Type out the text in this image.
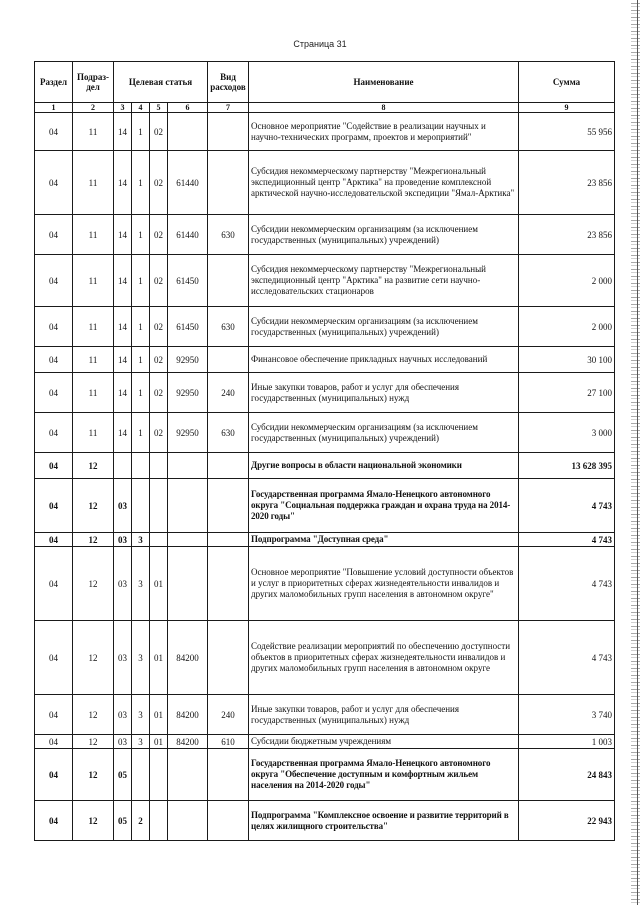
Страница 31
Раздел	Подраз-дел	Целевая статья				Вид расходов	Наименование	Сумма
1	2	3	4	5	6	7	8	9
04	11	14	1	02			Основное мероприятие "Содействие в реализации научных и научно-технических программ, проектов и мероприятий"	55 956
04	11	14	1	02	61440		Субсидия некоммерческому партнерству "Межрегиональный экспедиционный центр "Арктика" на проведение комплексной арктической научно-исследовательской экспедиции "Ямал-Арктика"	23 856
04	11	14	1	02	61440	630	Субсидии некоммерческим организациям (за исключением государственных (муниципальных) учреждений)	23 856
04	11	14	1	02	61450		Субсидия некоммерческому партнерству "Межрегиональный экспедиционный центр "Арктика" на развитие сети научно-исследовательских стационаров	2 000
04	11	14	1	02	61450	630	Субсидии некоммерческим организациям (за исключением государственных (муниципальных) учреждений)	2 000
04	11	14	1	02	92950		Финансовое обеспечение прикладных научных исследований	30 100
04	11	14	1	02	92950	240	Иные закупки товаров, работ и услуг для обеспечения государственных (муниципальных) нужд	27 100
04	11	14	1	02	92950	630	Субсидии некоммерческим организациям (за исключением государственных (муниципальных) учреждений)	3 000
04	12						Другие вопросы в области национальной экономики	13 628 395
04	12	03					Государственная программа Ямало-Ненецкого автономного округа "Социальная поддержка граждан и охрана труда на 2014-2020 годы"	4 743
04	12	03	3				Подпрограмма "Доступная среда"	4 743
04	12	03	3	01			Основное мероприятие "Повышение условий доступности объектов и услуг в приоритетных сферах жизнедеятельности инвалидов и других маломобильных групп населения в автономном округе"	4 743
04	12	03	3	01	84200		Содействие реализации мероприятий по обеспечению доступности объектов в приоритетных сферах жизнедеятельности инвалидов и других маломобильных групп населения в автономном округе	4 743
04	12	03	3	01	84200	240	Иные закупки товаров, работ и услуг для обеспечения государственных (муниципальных) нужд	3 740
04	12	03	3	01	84200	610	Субсидии бюджетным учреждениям	1 003
04	12	05					Государственная программа Ямало-Ненецкого автономного округа "Обеспечение доступным и комфортным жильем населения на 2014-2020 годы"	24 843
04	12	05	2				Подпрограмма "Комплексное освоение и развитие территорий в целях жилищного строительства"	22 943
